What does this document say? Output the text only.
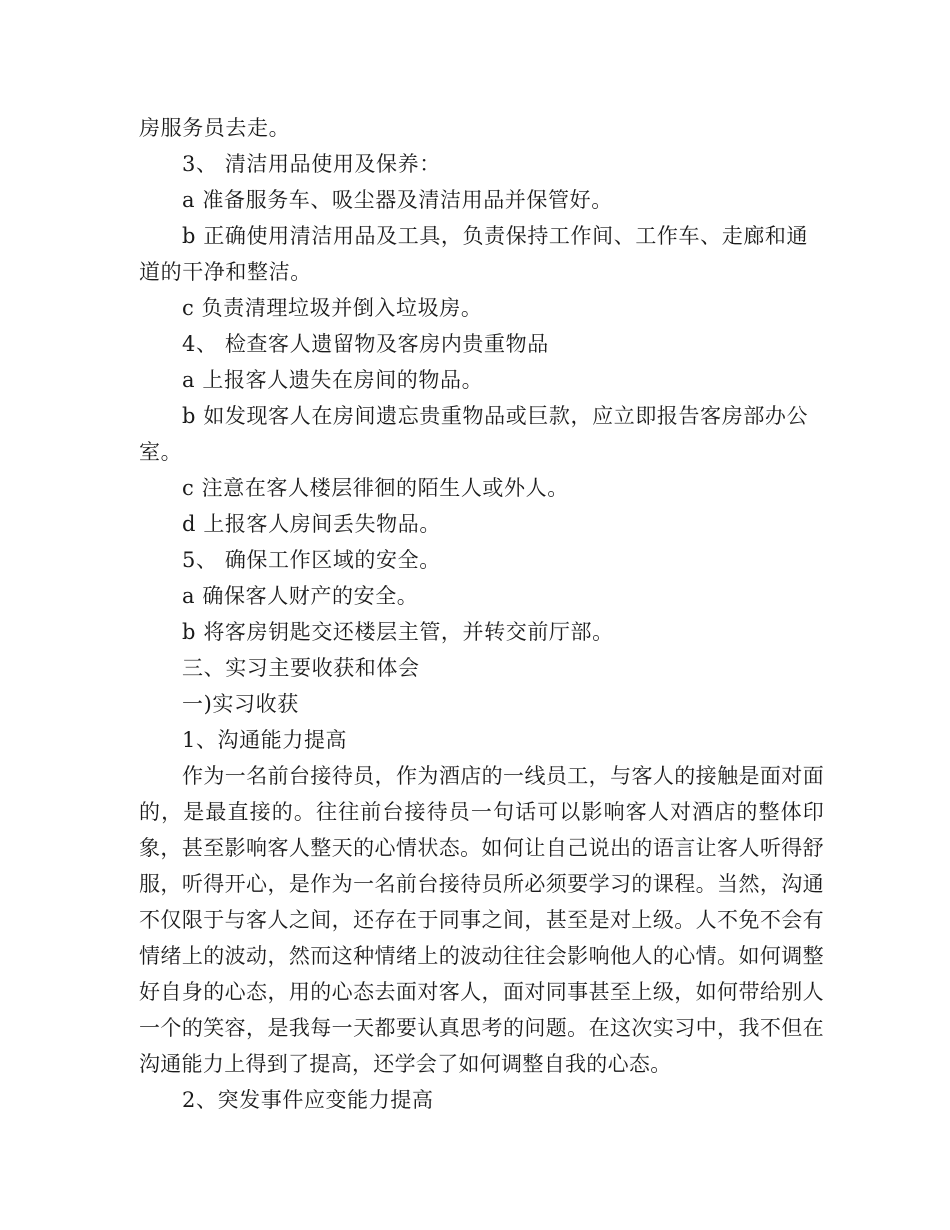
房服务员去走。
3、 清洁用品使用及保养：
a 准备服务车、吸尘器及清洁用品并保管好。
b 正确使用清洁用品及工具，负责保持工作间、工作车、走廊和通
道的干净和整洁。
c 负责清理垃圾并倒入垃圾房。
4、 检查客人遗留物及客房内贵重物品
a 上报客人遗失在房间的物品。
b 如发现客人在房间遗忘贵重物品或巨款，应立即报告客房部办公
室。
c 注意在客人楼层徘徊的陌生人或外人。
d 上报客人房间丢失物品。
5、 确保工作区域的安全。
a 确保客人财产的安全。
b 将客房钥匙交还楼层主管，并转交前厅部。
三、实习主要收获和体会
一)实习收获
1、沟通能力提高
作为一名前台接待员，作为酒店的一线员工，与客人的接触是面对面的，是最直接的。往往前台接待员一句话可以影响客人对酒店的整体印象，甚至影响客人整天的心情状态。如何让自己说出的语言让客人听得舒服，听得开心，是作为一名前台接待员所必须要学习的课程。当然，沟通不仅限于与客人之间，还存在于同事之间，甚至是对上级。人不免不会有情绪上的波动，然而这种情绪上的波动往往会影响他人的心情。如何调整好自身的心态，用的心态去面对客人，面对同事甚至上级，如何带给别人一个的笑容，是我每一天都要认真思考的问题。在这次实习中，我不但在沟通能力上得到了提高，还学会了如何调整自我的心态。
2、突发事件应变能力提高
